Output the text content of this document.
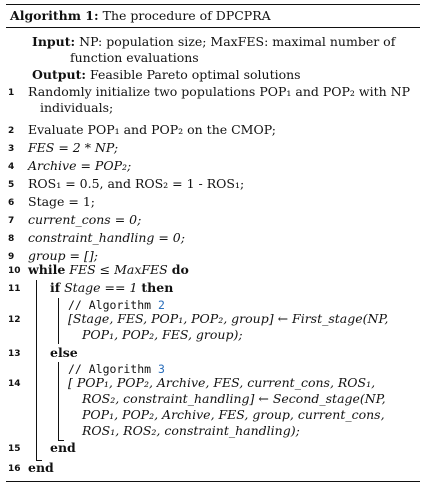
Algorithm 1: The procedure of DPCPRA
Input: NP: population size; MaxFES: maximal number of
function evaluations
Output: Feasible Pareto optimal solutions
1	Randomly initialize two populations POP₁ and POP₂ with NP
individuals;
2	Evaluate POP₁ and POP₂ on the CMOP;
3	FES = 2 * NP;
4	Archive = POP₂;
5	ROS₁ = 0.5, and ROS₂ = 1 - ROS₁;
6	Stage = 1;
7	current_cons = 0;
8	constraint_handling = 0;
9	group = [];
10 while FES ≤ MaxFES do
11	if Stage == 1 then
// Algorithm 2
12	[Stage, FES, POP₁, POP₂, group] ← First_stage(NP,
POP₁, POP₂, FES, group);
13	else
// Algorithm 3
14	[ POP₁, POP₂, Archive, FES, current_cons, ROS₁,
ROS₂, constraint_handling] ← Second_stage(NP,
POP₁, POP₂, Archive, FES, group, current_cons,
ROS₁, ROS₂, constraint_handling);
15	end
16 end
